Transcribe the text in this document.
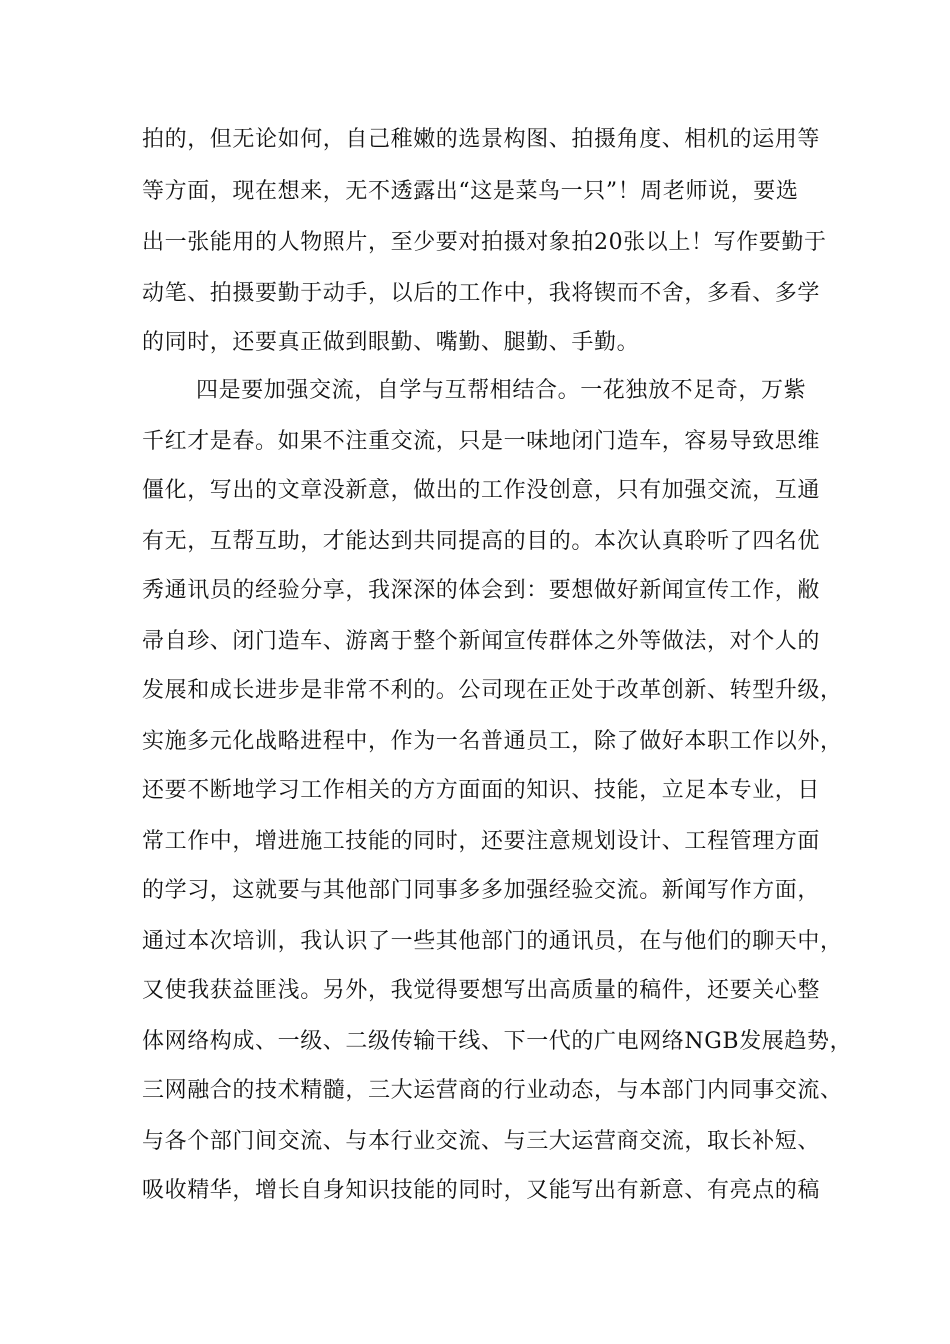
拍的，但无论如何，自己稚嫩的选景构图、拍摄角度、相机的运用等
等方面，现在想来，无不透露出“这是菜鸟一只”！周老师说，要选
出一张能用的人物照片，至少要对拍摄对象拍20张以上！写作要勤于
动笔、拍摄要勤于动手，以后的工作中，我将锲而不舍，多看、多学
的同时，还要真正做到眼勤、嘴勤、腿勤、手勤。
四是要加强交流，自学与互帮相结合。一花独放不足奇，万紫
千红才是春。如果不注重交流，只是一味地闭门造车，容易导致思维
僵化，写出的文章没新意，做出的工作没创意，只有加强交流，互通
有无，互帮互助，才能达到共同提高的目的。本次认真聆听了四名优
秀通讯员的经验分享，我深深的体会到：要想做好新闻宣传工作，敝
帚自珍、闭门造车、游离于整个新闻宣传群体之外等做法，对个人的
发展和成长进步是非常不利的。公司现在正处于改革创新、转型升级，
实施多元化战略进程中，作为一名普通员工，除了做好本职工作以外，
还要不断地学习工作相关的方方面面的知识、技能，立足本专业，日
常工作中，增进施工技能的同时，还要注意规划设计、工程管理方面
的学习，这就要与其他部门同事多多加强经验交流。新闻写作方面，
通过本次培训，我认识了一些其他部门的通讯员，在与他们的聊天中，
又使我获益匪浅。另外，我觉得要想写出高质量的稿件，还要关心整
体网络构成、一级、二级传输干线、下一代的广电网络NGB发展趋势，
三网融合的技术精髓，三大运营商的行业动态，与本部门内同事交流、
与各个部门间交流、与本行业交流、与三大运营商交流，取长补短、
吸收精华，增长自身知识技能的同时，又能写出有新意、有亮点的稿
